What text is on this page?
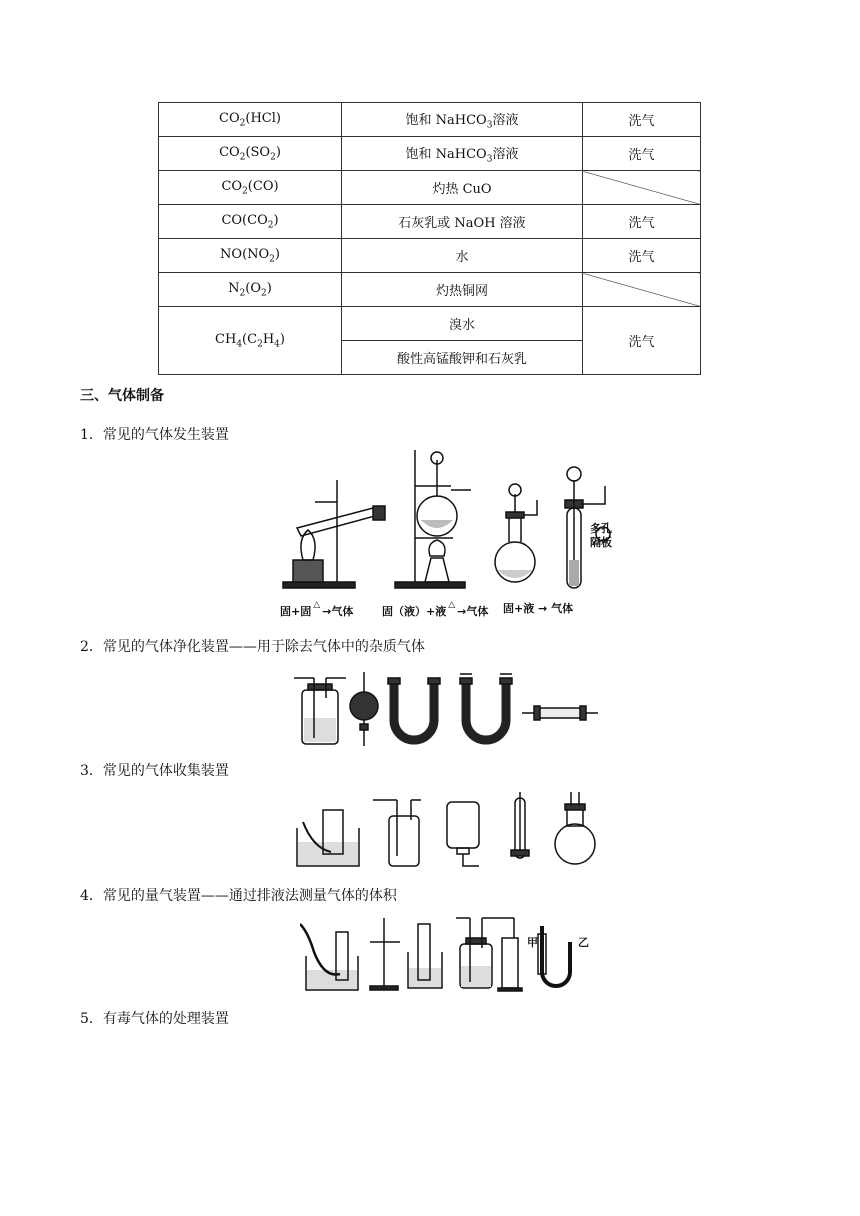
$CO_2(HCl)$	饱和 NaHCO$_3$溶液	洗气
$CO_2(SO_2)$	饱和 NaHCO$_3$溶液	洗气
$CO_2(CO)$	灼热 CuO	
$CO(CO_2)$	石灰乳或 NaOH 溶液	洗气
$NO(NO_2)$	水	洗气
$N_2(O_2)$	灼热铜网	
$CH_4(C_2H_4)$	溴水	洗气
	酸性高锰酸钾和石灰乳	
三、气体制备
1．常见的气体发生装置
2．常见的气体净化装置——用于除去气体中的杂质气体
3．常见的气体收集装置
4．常见的量气装置——通过排液法测量气体的体积
5．有毒气体的处理装置
多孔
隔板
固+固 △ →气体	固（液）+液 △ →气体 固+液 → 气体
甲	乙
